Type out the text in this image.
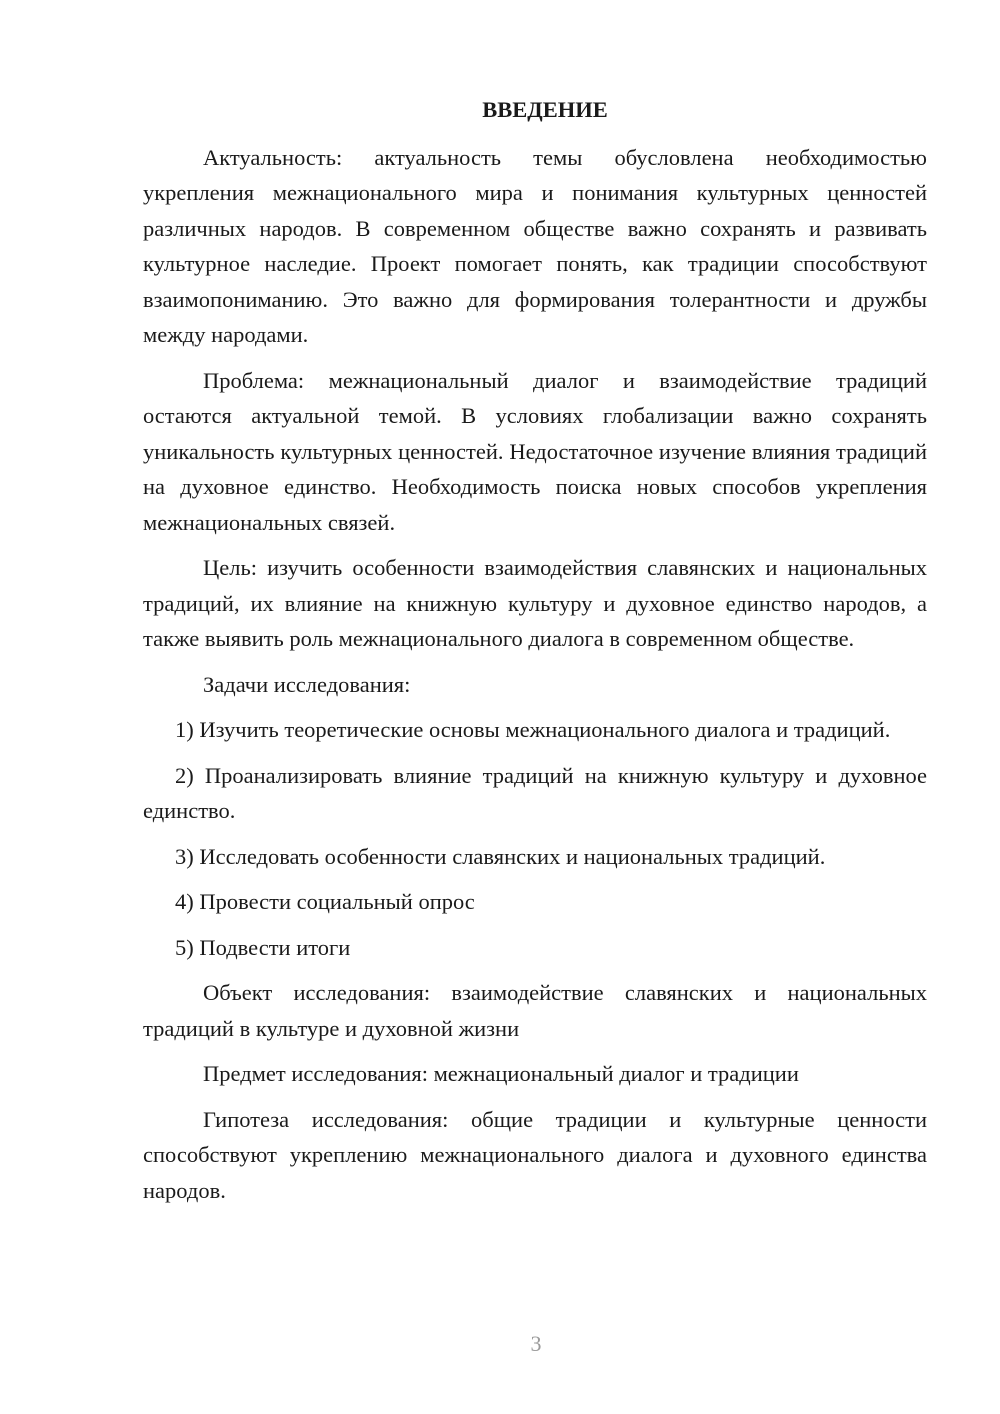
ВВЕДЕНИЕ

Актуальность: актуальность темы обусловлена необходимостью укрепления межнационального мира и понимания культурных ценностей различных народов. В современном обществе важно сохранять и развивать культурное наследие. Проект помогает понять, как традиции способствуют взаимопониманию. Это важно для формирования толерантности и дружбы между народами.

Проблема: межнациональный диалог и взаимодействие традиций остаются актуальной темой. В условиях глобализации важно сохранять уникальность культурных ценностей. Недостаточное изучение влияния традиций на духовное единство. Необходимость поиска новых способов укрепления межнациональных связей.

Цель: изучить особенности взаимодействия славянских и национальных традиций, их влияние на книжную культуру и духовное единство народов, а также выявить роль межнационального диалога в современном обществе.

Задачи исследования:

1) Изучить теоретические основы межнационального диалога и традиций.

2) Проанализировать влияние традиций на книжную культуру и духовное единство.

3) Исследовать особенности славянских и национальных традиций.

4) Провести социальный опрос

5) Подвести итоги

Объект исследования: взаимодействие славянских и национальных традиций в культуре и духовной жизни

Предмет исследования: межнациональный диалог и традиции

Гипотеза исследования: общие традиции и культурные ценности способствуют укреплению межнационального диалога и духовного единства народов.

3
